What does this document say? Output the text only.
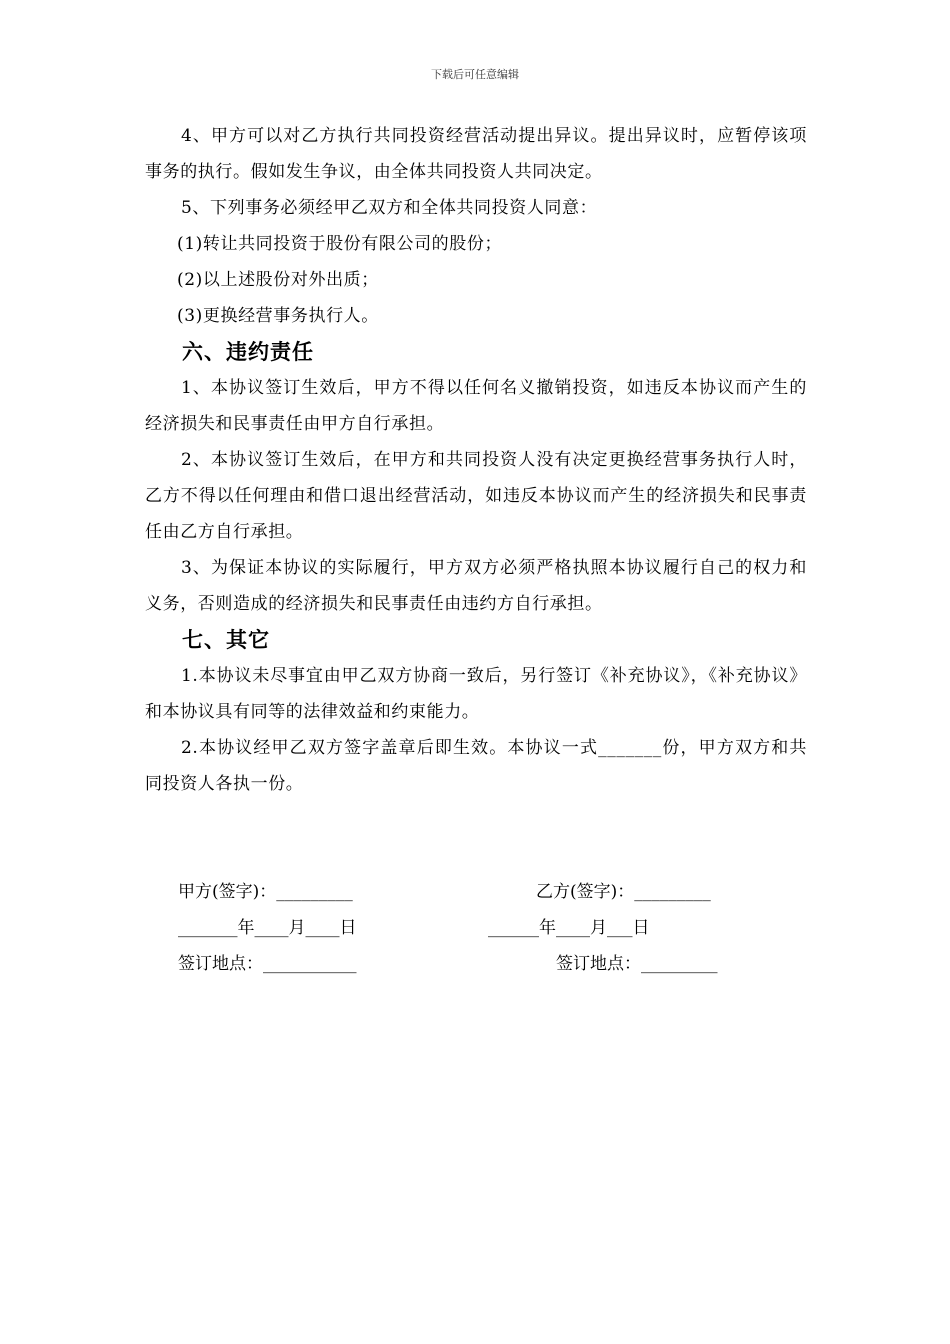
下载后可任意编辑

4、甲方可以对乙方执行共同投资经营活动提出异议。提出异议时，应暂停该项事务的执行。假如发生争议，由全体共同投资人共同决定。

5、下列事务必须经甲乙双方和全体共同投资人同意：

(1)转让共同投资于股份有限公司的股份；

(2)以上述股份对外出质；

(3)更换经营事务执行人。

六、违约责任

1、本协议签订生效后，甲方不得以任何名义撤销投资，如违反本协议而产生的经济损失和民事责任由甲方自行承担。

2、本协议签订生效后，在甲方和共同投资人没有决定更换经营事务执行人时，乙方不得以任何理由和借口退出经营活动，如违反本协议而产生的经济损失和民事责任由乙方自行承担。

3、为保证本协议的实际履行，甲方双方必须严格执照本协议履行自己的权力和义务，否则造成的经济损失和民事责任由违约方自行承担。

七、其它

1.本协议未尽事宜由甲乙双方协商一致后，另行签订《补充协议》，《补充协议》和本协议具有同等的法律效益和约束能力。

2.本协议经甲乙双方签字盖章后即生效。本协议一式_______份，甲方双方和共同投资人各执一份。

甲方(签字)：_________	乙方(签字)：_________
_______年____月____日	______年____月___日
签订地点：___________	签订地点：_________
